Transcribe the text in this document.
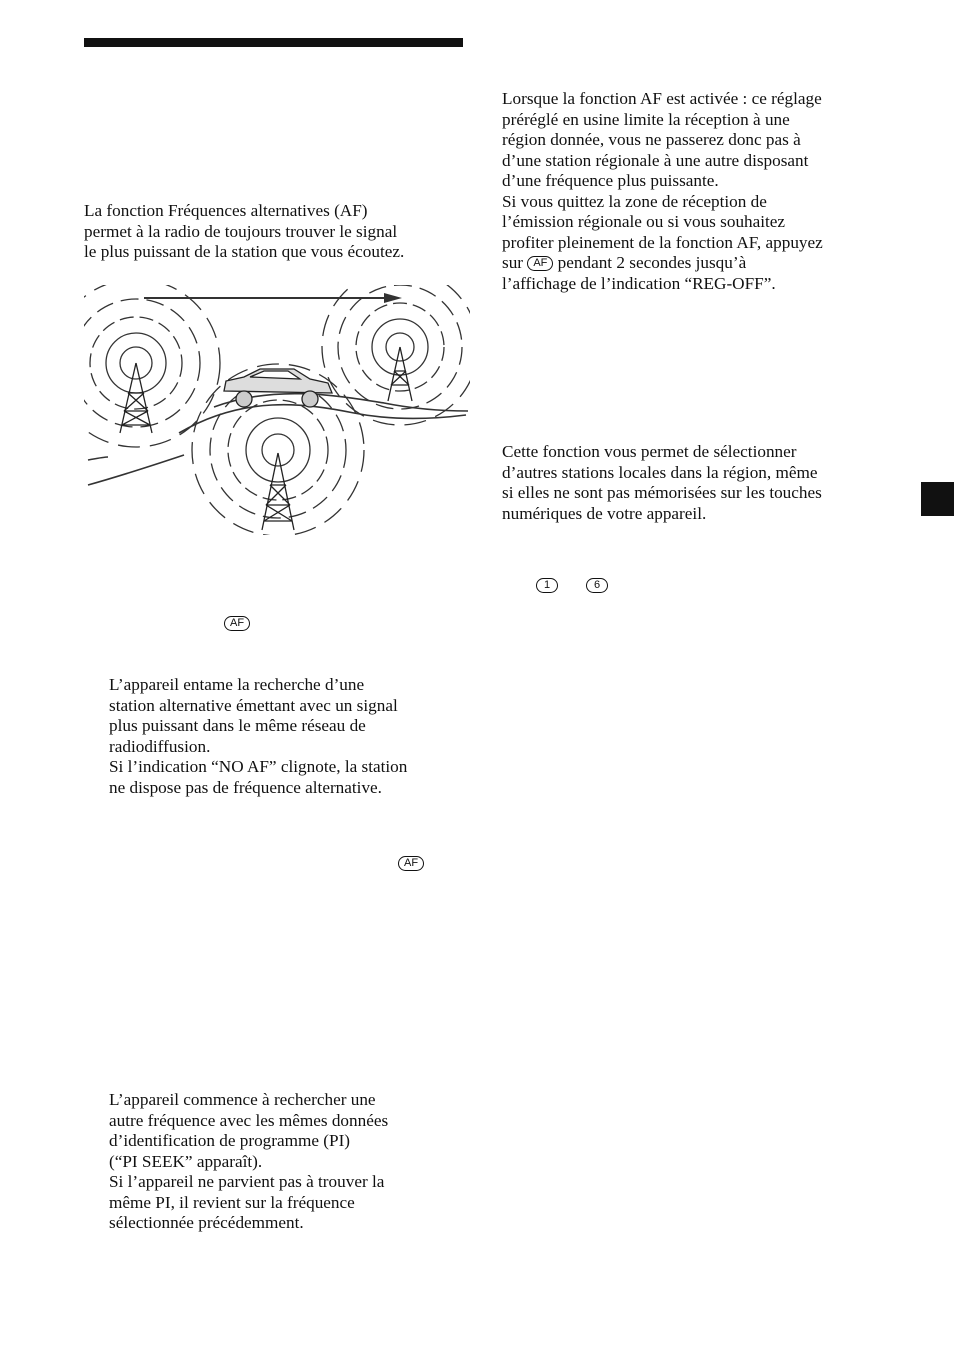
La fonction Fréquences alternatives (AF)
permet à la radio de toujours trouver le signal
le plus puissant de la station que vous écoutez.

AF

L’appareil entame la recherche d’une
station alternative émettant avec un signal
plus puissant dans le même réseau de
radiodiffusion.
Si l’indication “NO AF” clignote, la station
ne dispose pas de fréquence alternative.

AF

L’appareil commence à rechercher une
autre fréquence avec les mêmes données
d’identification de programme (PI)
(“PI SEEK” apparaît).
Si l’appareil ne parvient pas à trouver la
même PI, il revient sur la fréquence
sélectionnée précédemment.

Lorsque la fonction AF est activée : ce réglage
préréglé en usine limite la réception à une
région donnée, vous ne passerez donc pas à
d’une station régionale à une autre disposant
d’une fréquence plus puissante.
Si vous quittez la zone de réception de
l’émission régionale ou si vous souhaitez
profiter pleinement de la fonction AF, appuyez
sur AF pendant 2 secondes jusqu’à
l’affichage de l’indication “REG-OFF”.

Cette fonction vous permet de sélectionner
d’autres stations locales dans la région, même
si elles ne sont pas mémorisées sur les touches
numériques de votre appareil.

1	6
